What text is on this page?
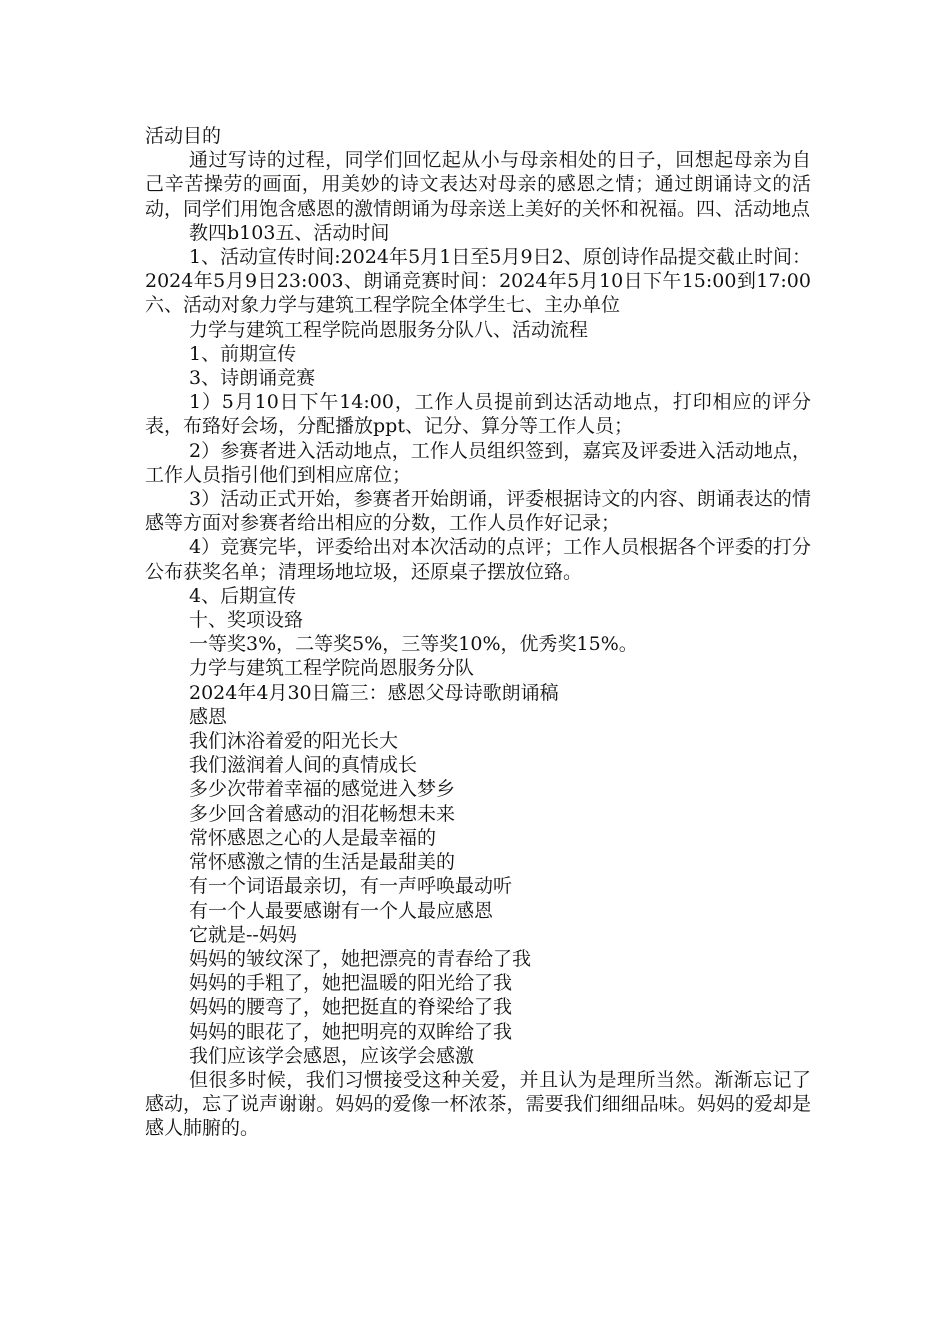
活动目的

通过写诗的过程，同学们回忆起从小与母亲相处的日子，回想起母亲为自己辛苦操劳的画面，用美妙的诗文表达对母亲的感恩之情；通过朗诵诗文的活动，同学们用饱含感恩的激情朗诵为母亲送上美好的关怀和祝福。四、活动地点

教四b103五、活动时间

1、活动宣传时间:2024年5月1日至5月9日2、原创诗作品提交截止时间：2024年5月9日23:003、朗诵竞赛时间：2024年5月10日下午15:00到17:00六、活动对象力学与建筑工程学院全体学生七、主办单位

力学与建筑工程学院尚恩服务分队八、活动流程

1、前期宣传

3、诗朗诵竞赛

1）5月10日下午14:00，工作人员提前到达活动地点，打印相应的评分表，布臵好会场，分配播放ppt、记分、算分等工作人员；

2）参赛者进入活动地点，工作人员组织签到，嘉宾及评委进入活动地点，工作人员指引他们到相应席位；

3）活动正式开始，参赛者开始朗诵，评委根据诗文的内容、朗诵表达的情感等方面对参赛者给出相应的分数，工作人员作好记录；

4）竞赛完毕，评委给出对本次活动的点评；工作人员根据各个评委的打分公布获奖名单；清理场地垃圾，还原桌子摆放位臵。

4、后期宣传

十、奖项设臵

一等奖3%，二等奖5%，三等奖10%，优秀奖15%。

力学与建筑工程学院尚恩服务分队

2024年4月30日篇三：感恩父母诗歌朗诵稿

感恩

我们沐浴着爱的阳光长大

我们滋润着人间的真情成长

多少次带着幸福的感觉进入梦乡

多少回含着感动的泪花畅想未来

常怀感恩之心的人是最幸福的

常怀感激之情的生活是最甜美的

有一个词语最亲切，有一声呼唤最动听

有一个人最要感谢有一个人最应感恩

它就是--妈妈

妈妈的皱纹深了，她把漂亮的青春给了我

妈妈的手粗了，她把温暖的阳光给了我

妈妈的腰弯了，她把挺直的脊梁给了我

妈妈的眼花了，她把明亮的双眸给了我

我们应该学会感恩，应该学会感激

但很多时候，我们习惯接受这种关爱，并且认为是理所当然。渐渐忘记了感动，忘了说声谢谢。妈妈的爱像一杯浓茶，需要我们细细品味。妈妈的爱却是感人肺腑的。
